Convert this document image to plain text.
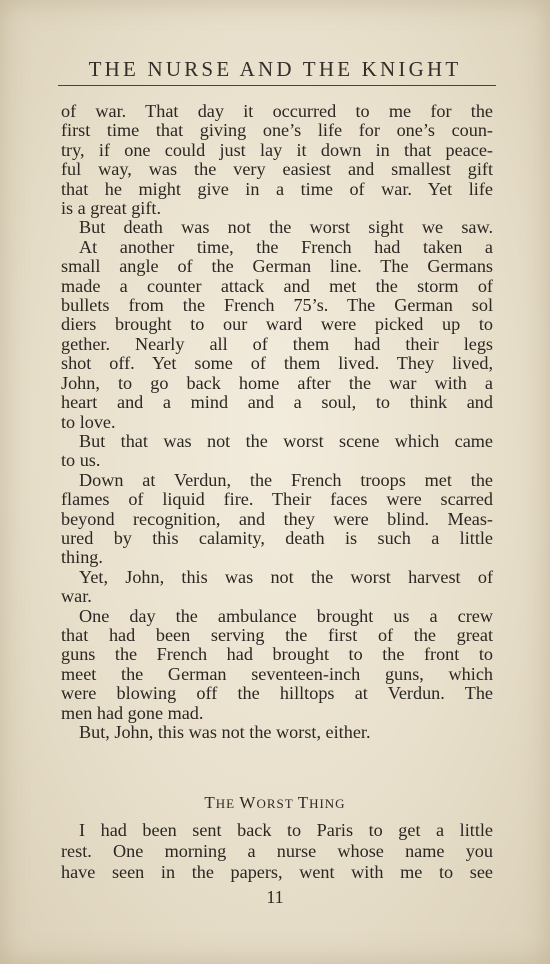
THE NURSE AND THE KNIGHT
of war. That day it occurred to me for the
first time that giving one’s life for one’s coun-
try, if one could just lay it down in that peace-
ful way, was the very easiest and smallest gift
that he might give in a time of war. Yet life
is a great gift.
But death was not the worst sight we saw.
At another time, the French had taken a
small angle of the German line. The Germans
made a counter attack and met the storm of
bullets from the French 75’s. The German sol
diers brought to our ward were picked up to
gether. Nearly all of them had their legs
shot off. Yet some of them lived. They lived,
John, to go back home after the war with a
heart and a mind and a soul, to think and
to love.
But that was not the worst scene which came
to us.
Down at Verdun, the French troops met the
flames of liquid fire. Their faces were scarred
beyond recognition, and they were blind. Meas-
ured by this calamity, death is such a little
thing.
Yet, John, this was not the worst harvest of
war.
One day the ambulance brought us a crew
that had been serving the first of the great
guns the French had brought to the front to
meet the German seventeen-inch guns, which
were blowing off the hilltops at Verdun. The
men had gone mad.
But, John, this was not the worst, either.
THE WORST THING
I had been sent back to Paris to get a little
rest. One morning a nurse whose name you
have seen in the papers, went with me to see
11
